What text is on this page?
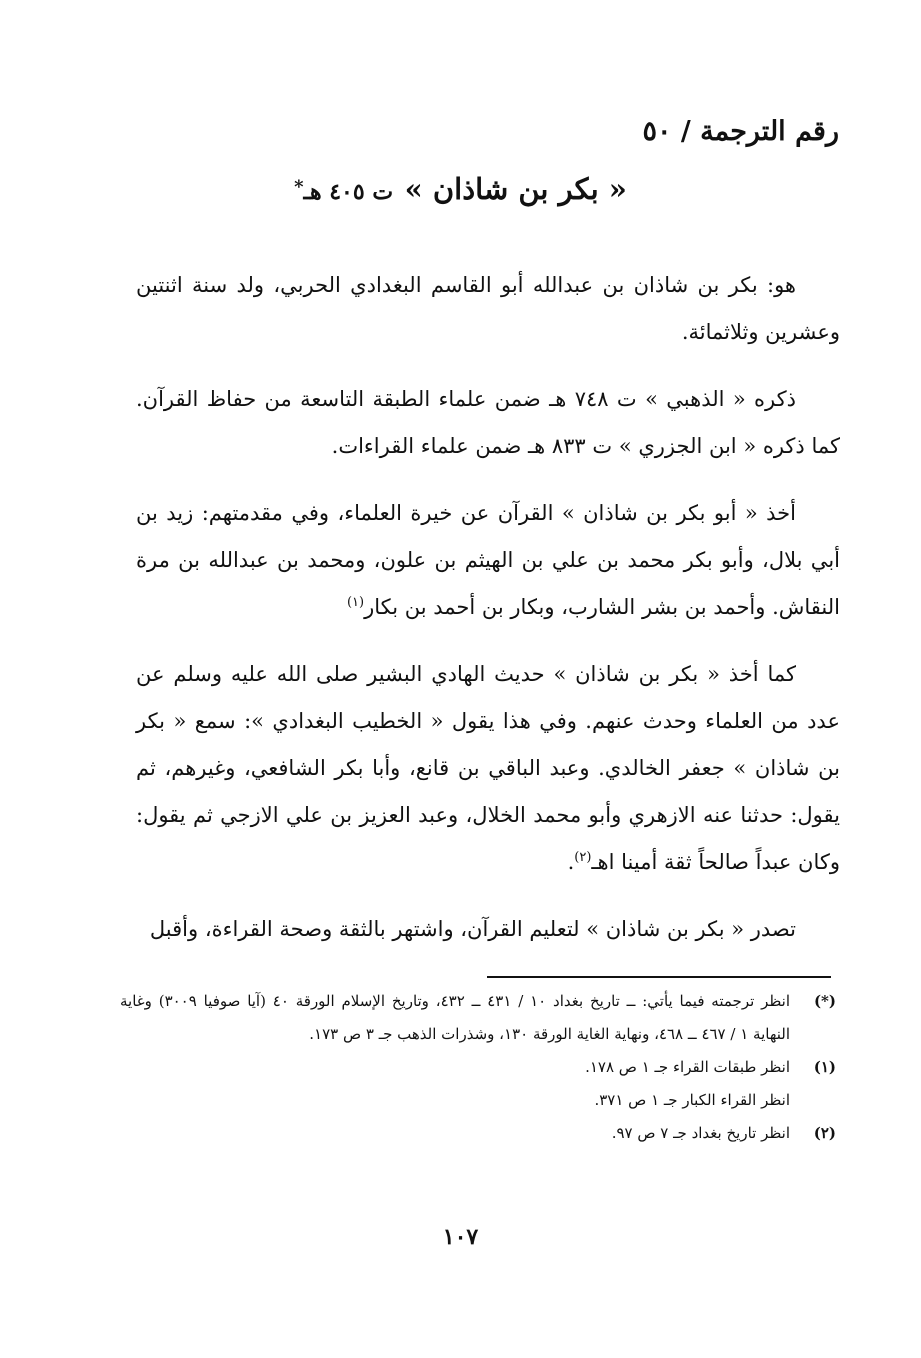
رقم الترجمة / ٥٠
« بكر بن شاذان » ت ٤٠٥ هـ*

هو: بكر بن شاذان بن عبدالله أبو القاسم البغدادي الحربي، ولد سنة اثنتين وعشرين وثلاثمائة.

ذكره « الذهبي » ت ٧٤٨ هـ ضمن علماء الطبقة التاسعة من حفاظ القرآن. كما ذكره « ابن الجزري » ت ٨٣٣ هـ ضمن علماء القراءات.

أخذ « أبو بكر بن شاذان » القرآن عن خيرة العلماء، وفي مقدمتهم: زيد بن أبي بلال، وأبو بكر محمد بن علي بن الهيثم بن علون، ومحمد بن عبدالله بن مرة النقاش. وأحمد بن بشر الشارب، وبكار بن أحمد بن بكار$^{(١)}$

كما أخذ « بكر بن شاذان » حديث الهادي البشير صلى الله عليه وسلم عن عدد من العلماء وحدث عنهم. وفي هذا يقول « الخطيب البغدادي »: سمع « بكر بن شاذان » جعفر الخالدي. وعبد الباقي بن قانع، وأبا بكر الشافعي، وغيرهم، ثم يقول: حدثنا عنه الازهري وأبو محمد الخلال، وعبد العزيز بن علي الازجي ثم يقول: وكان عبداً صالحاً ثقة أمينا اهـ$^{(٢)}$.

تصدر « بكر بن شاذان » لتعليم القرآن، واشتهر بالثقة وصحة القراءة، وأقبل

(*)
انظر ترجمته فيما يأتي: ــ تاريخ بغداد ١٠ / ٤٣١ ــ ٤٣٢، وتاريخ الإسلام الورقة ٤٠ (آيا صوفيا ٣٠٠٩) وغاية النهاية ١ / ٤٦٧ ــ ٤٦٨، ونهاية الغاية الورقة ١٣٠، وشذرات الذهب جـ ٣ ص ١٧٣.
(١)
انظر طبقات القراء جـ ١ ص ١٧٨.
انظر القراء الكبار جـ ١ ص ٣٧١.
(٢)
انظر تاريخ بغداد جـ ٧ ص ٩٧.
١٠٧
